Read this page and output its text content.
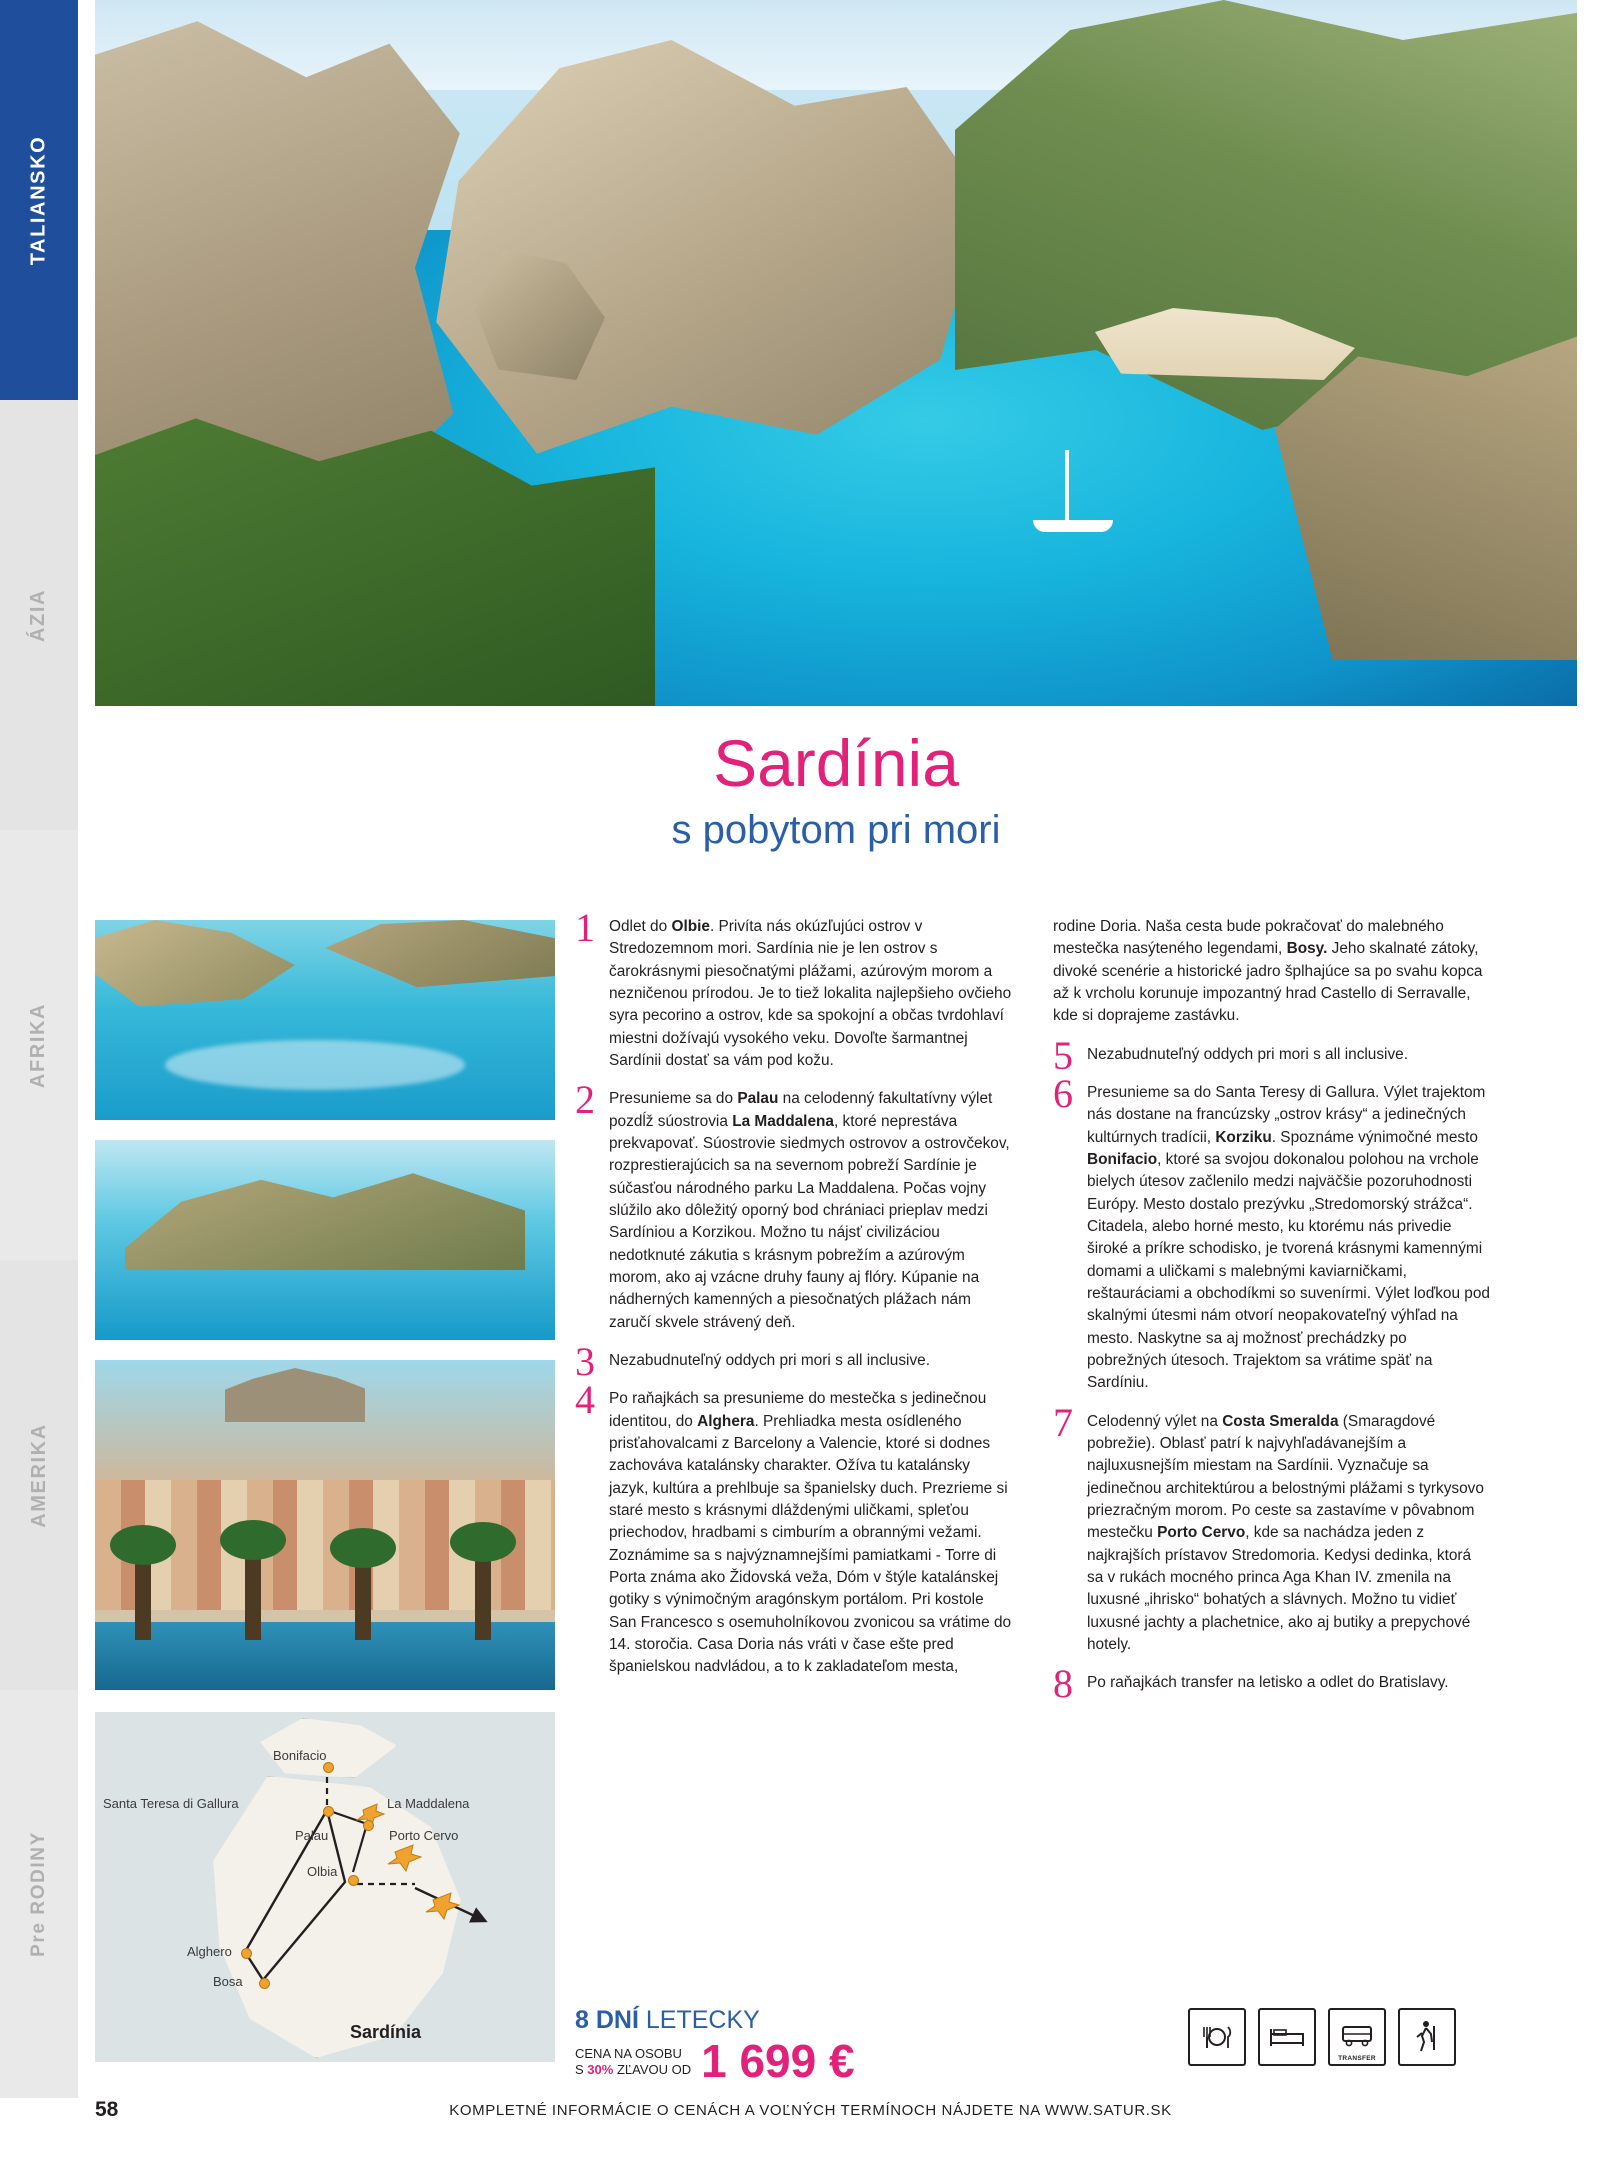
TALIANSKO
ÁZIA
AFRIKA
AMERIKA
Pre RODINY
Sardínia
s pobytom pri mori
Bonifacio
Santa Teresa di Gallura	La Maddalena
Palau	Porto Cervo
Olbia
Alghero
Bosa
Sardínia
1 Odlet do Olbie. Privíta nás okúzľujúci ostrov v Stredozemnom mori. Sardínia nie je len ostrov s čarokrásnymi piesočnatými plážami, azúrovým morom a nezničenou prírodou. Je to tiež lokalita najlepšieho ovčieho syra pecorino a ostrov, kde sa spokojní a občas tvrdohlaví miestni dožívajú vysokého veku. Dovoľte šarmantnej Sardínii dostať sa vám pod kožu.
2 Presunieme sa do Palau na celodenný fakultatívny výlet pozdĺž súostrovia La Maddalena, ktoré neprestáva prekvapovať. Súostrovie siedmych ostrovov a ostrovčekov, rozprestierajúcich sa na severnom pobreží Sardínie je súčasťou národného parku La Maddalena. Počas vojny slúžilo ako dôležitý oporný bod chrániaci prieplav medzi Sardíniou a Korzikou. Možno tu nájsť civilizáciou nedotknuté zákutia s krásnym pobrežím a azúrovým morom, ako aj vzácne druhy fauny aj flóry. Kúpanie na nádherných kamenných a piesočnatých plážach nám zaručí skvele strávený deň.
3 Nezabudnuteľný oddych pri mori s all inclusive.
4 Po raňajkách sa presunieme do mestečka s jedinečnou identitou, do Alghera. Prehliadka mesta osídleného prisťahovalcami z Barcelony a Valencie, ktoré si dodnes zachováva katalánsky charakter. Ožíva tu katalánsky jazyk, kultúra a prehlbuje sa španielsky duch. Prezrieme si staré mesto s krásnymi dláždenými uličkami, spleťou priechodov, hradbami s cimburím a obrannými vežami. Zoznámime sa s najvýznamnejšími pamiatkami - Torre di Porta známa ako Židovská veža, Dóm v štýle katalánskej gotiky s výnimočným aragónskym portálom. Pri kostole San Francesco s osemuholníkovou zvonicou sa vrátime do 14. storočia. Casa Doria nás vráti v čase ešte pred španielskou nadvládou, a to k zakladateľom mesta,
rodine Doria. Naša cesta bude pokračovať do malebného mestečka nasýteného legendami, Bosy. Jeho skalnaté zátoky, divoké scenérie a historické jadro šplhajúce sa po svahu kopca až k vrcholu korunuje impozantný hrad Castello di Serravalle, kde si doprajeme zastávku.
5 Nezabudnuteľný oddych pri mori s all inclusive.
6 Presunieme sa do Santa Teresy di Gallura. Výlet trajektom nás dostane na francúzsky „ostrov krásy“ a jedinečných kultúrnych tradícii, Korziku. Spoznáme výnimočné mesto Bonifacio, ktoré sa svojou dokonalou polohou na vrchole bielych útesov začlenilo medzi najväčšie pozoruhodnosti Európy. Mesto dostalo prezývku „Stredomorský strážca“. Citadela, alebo horné mesto, ku ktorému nás privedie široké a príkre schodisko, je tvorená krásnymi kamennými domami a uličkami s malebnými kaviarničkami, reštauráciami a obchodíkmi so suvenírmi. Výlet loďkou pod skalnými útesmi nám otvorí neopakovateľný výhľad na mesto. Naskytne sa aj možnosť prechádzky po pobrežných útesoch. Trajektom sa vrátime späť na Sardíniu.
7 Celodenný výlet na Costa Smeralda (Smaragdové pobrežie). Oblasť patrí k najvyhľadávanejším a najluxusnejším miestam na Sardínii. Vyznačuje sa jedinečnou architektúrou a belostnými plážami s tyrkysovo priezračným morom. Po ceste sa zastavíme v pôvabnom mestečku Porto Cervo, kde sa nachádza jeden z najkrajších prístavov Stredomoria. Kedysi dedinka, ktorá sa v rukách mocného princa Aga Khan IV. zmenila na luxusné „ihrisko“ bohatých a slávnych. Možno tu vidieť luxusné jachty a plachetnice, ako aj butiky a prepychové hotely.
8 Po raňajkách transfer na letisko a odlet do Bratislavy.
8 DNÍ LETECKY
CENA NA OSOBU
S 30% ZĽAVOU OD 1 699 €	TRANSFER
58	KOMPLETNÉ INFORMÁCIE O CENÁCH A VOĽNÝCH TERMÍNOCH NÁJDETE NA WWW.SATUR.SK
